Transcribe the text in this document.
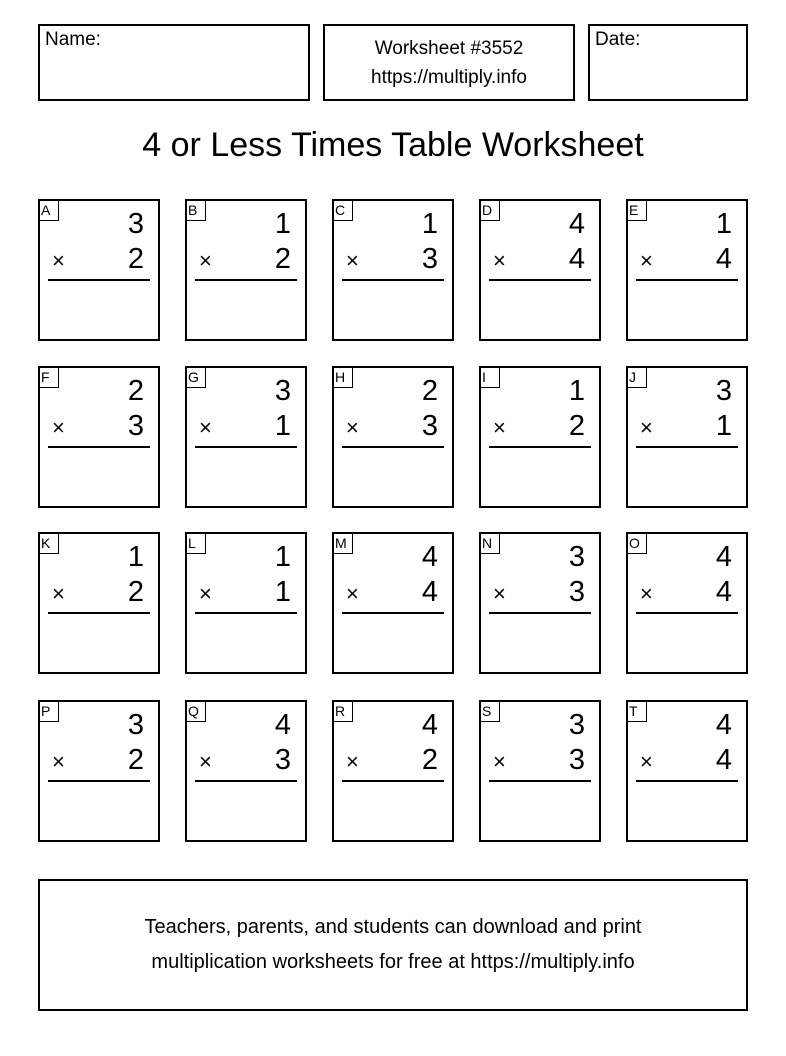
Name:	Worksheet #3552
https://multiply.info
Date:
4 or Less Times Table Worksheet
A	3
× 2
B	1
× 2
C	1
× 3
D	4
× 4
E	1
× 4
F	2
× 3
G	3
× 1
H	2
× 3
I	1
× 2
J	3
× 1
K	1
× 2
L	1
× 1
M	4
× 4
N	3
× 3
O	4
× 4
P	3
× 2
Q	4
× 3
R	4
× 2
S	3
× 3
T	4
× 4
Teachers, parents, and students can download and print
multiplication worksheets for free at https://multiply.info
